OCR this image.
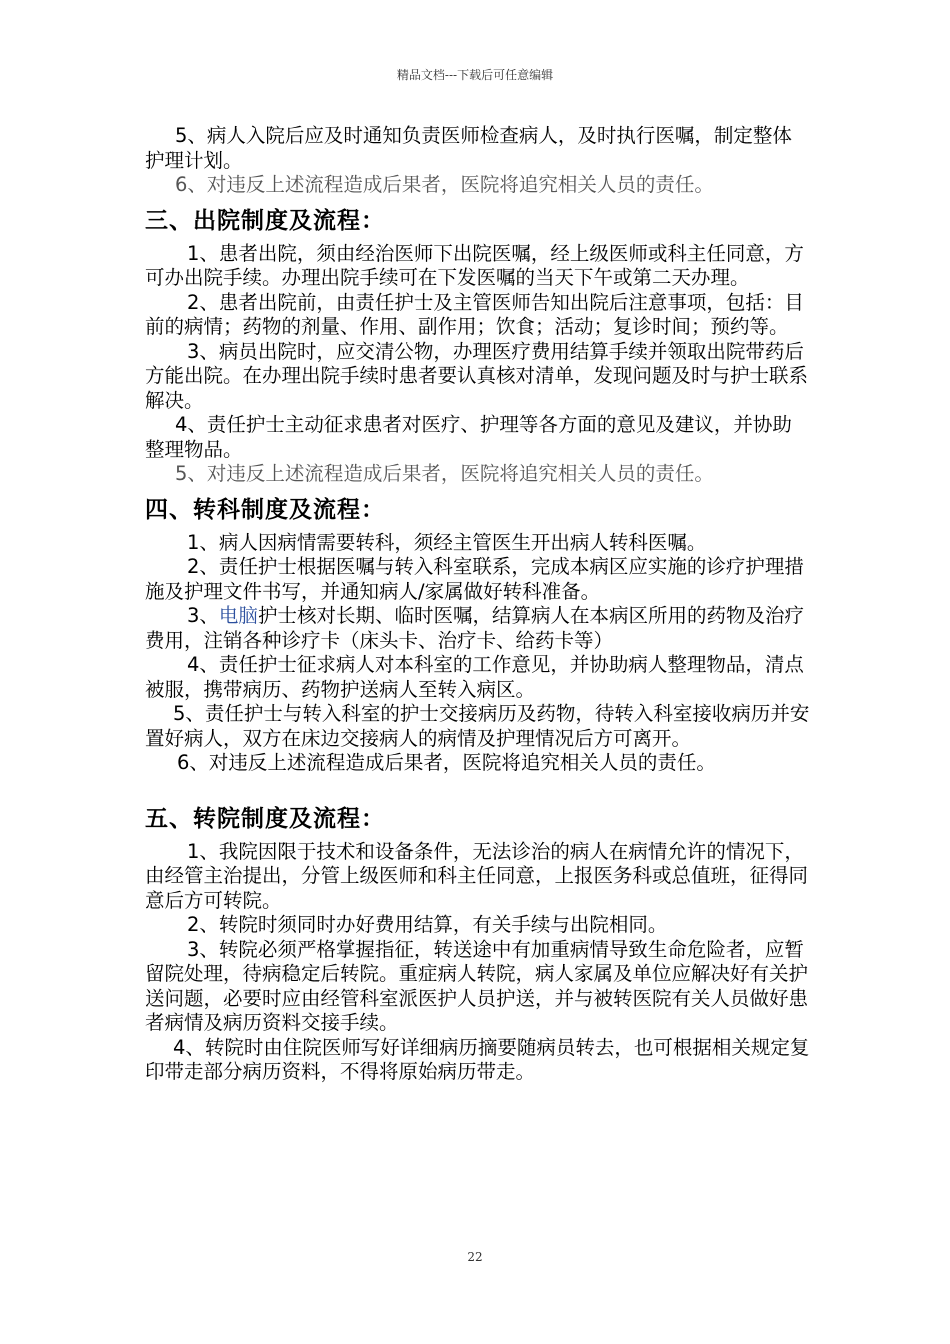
精品文档---下载后可任意编辑

5、病人入院后应及时通知负责医师检查病人，及时执行医嘱，制定整体护理计划。

6、对违反上述流程造成后果者，医院将追究相关人员的责任。

三、出院制度及流程：

1、患者出院，须由经治医师下出院医嘱，经上级医师或科主任同意，方可办出院手续。办理出院手续可在下发医嘱的当天下午或第二天办理。

2、患者出院前，由责任护士及主管医师告知出院后注意事项，包括：目前的病情；药物的剂量、作用、副作用；饮食；活动；复诊时间；预约等。

3、病员出院时，应交清公物，办理医疗费用结算手续并领取出院带药后方能出院。在办理出院手续时患者要认真核对清单，发现问题及时与护士联系解决。

4、责任护士主动征求患者对医疗、护理等各方面的意见及建议，并协助整理物品。

5、对违反上述流程造成后果者，医院将追究相关人员的责任。

四、转科制度及流程：

1、病人因病情需要转科，须经主管医生开出病人转科医嘱。

2、责任护士根据医嘱与转入科室联系，完成本病区应实施的诊疗护理措施及护理文件书写，并通知病人/家属做好转科准备。

3、电脑护士核对长期、临时医嘱，结算病人在本病区所用的药物及治疗费用，注销各种诊疗卡（床头卡、治疗卡、给药卡等）

4、责任护士征求病人对本科室的工作意见，并协助病人整理物品，清点被服，携带病历、药物护送病人至转入病区。

5、责任护士与转入科室的护士交接病历及药物，待转入科室接收病历并安置好病人，双方在床边交接病人的病情及护理情况后方可离开。

6、对违反上述流程造成后果者，医院将追究相关人员的责任。

五、转院制度及流程：

1、我院因限于技术和设备条件，无法诊治的病人在病情允许的情况下，由经管主治提出，分管上级医师和科主任同意，上报医务科或总值班，征得同意后方可转院。

2、转院时须同时办好费用结算，有关手续与出院相同。

3、转院必须严格掌握指征，转送途中有加重病情导致生命危险者，应暂留院处理，待病稳定后转院。重症病人转院，病人家属及单位应解决好有关护送问题，必要时应由经管科室派医护人员护送，并与被转医院有关人员做好患者病情及病历资料交接手续。

4、转院时由住院医师写好详细病历摘要随病员转去，也可根据相关规定复印带走部分病历资料，不得将原始病历带走。

22
